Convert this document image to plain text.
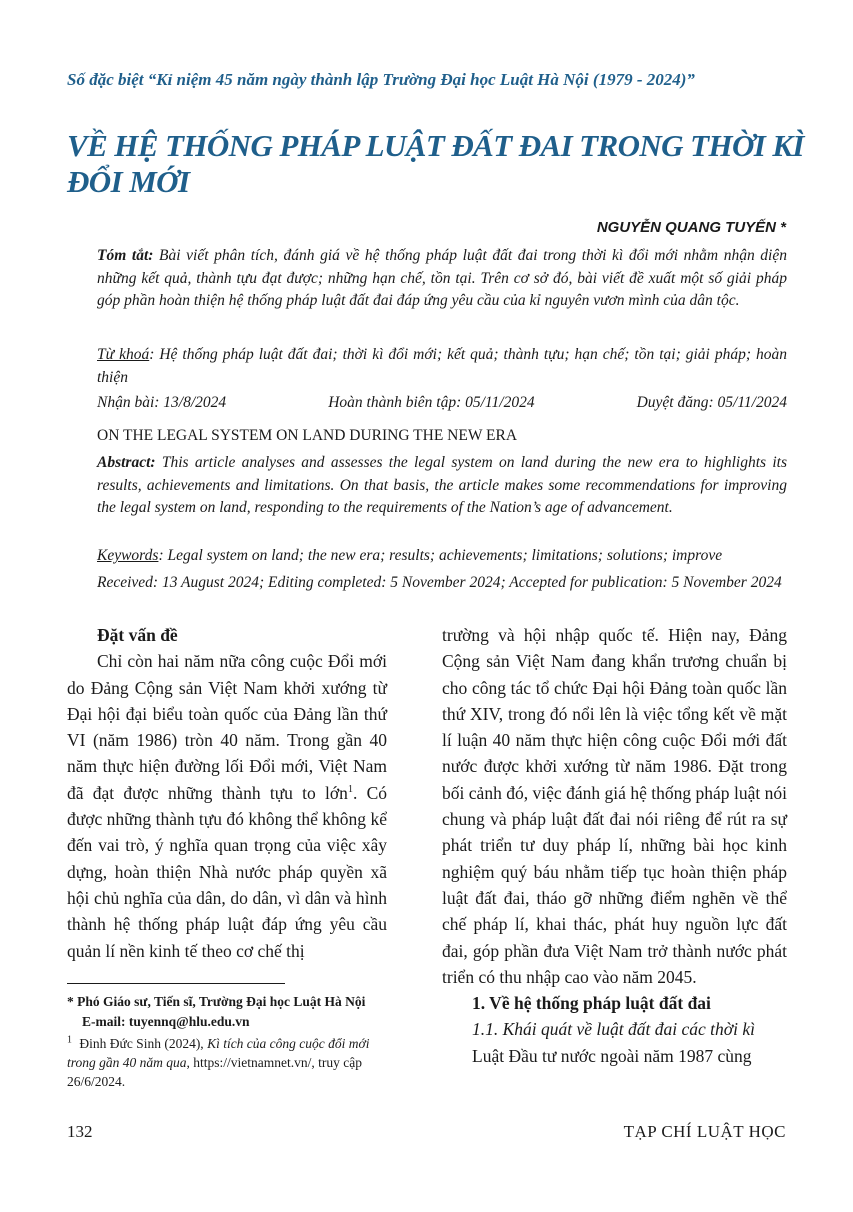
Số đặc biệt “Kỉ niệm 45 năm ngày thành lập Trường Đại học Luật Hà Nội (1979 - 2024)”
VỀ HỆ THỐNG PHÁP LUẬT ĐẤT ĐAI TRONG THỜI KÌ ĐỔI MỚI
NGUYỄN QUANG TUYẾN *
Tóm tắt: Bài viết phân tích, đánh giá về hệ thống pháp luật đất đai trong thời kì đổi mới nhằm nhận diện những kết quả, thành tựu đạt được; những hạn chế, tồn tại. Trên cơ sở đó, bài viết đề xuất một số giải pháp góp phần hoàn thiện hệ thống pháp luật đất đai đáp ứng yêu cầu của kỉ nguyên vươn mình của dân tộc.
Từ khoá: Hệ thống pháp luật đất đai; thời kì đổi mới; kết quả; thành tựu; hạn chế; tồn tại; giải pháp; hoàn thiện
Nhận bài: 13/8/2024	Hoàn thành biên tập: 05/11/2024	Duyệt đăng: 05/11/2024
ON THE LEGAL SYSTEM ON LAND DURING THE NEW ERA
Abstract: This article analyses and assesses the legal system on land during the new era to highlights its results, achievements and limitations. On that basis, the article makes some recommendations for improving the legal system on land, responding to the requirements of the Nation’s age of advancement.
Keywords: Legal system on land; the new era; results; achievements; limitations; solutions; improve
Received: 13 August 2024; Editing completed: 5 November 2024; Accepted for publication: 5 November 2024

Đặt vấn đề

Chỉ còn hai năm nữa công cuộc Đổi mới do Đảng Cộng sản Việt Nam khởi xướng từ Đại hội đại biểu toàn quốc của Đảng lần thứ VI (năm 1986) tròn 40 năm. Trong gần 40 năm thực hiện đường lối Đổi mới, Việt Nam đã đạt được những thành tựu to lớn$^1$. Có được những thành tựu đó không thể không kể đến vai trò, ý nghĩa quan trọng của việc xây dựng, hoàn thiện Nhà nước pháp quyền xã hội chủ nghĩa của dân, do dân, vì dân và hình thành hệ thống pháp luật đáp ứng yêu cầu quản lí nền kinh tế theo cơ chế thị

trường và hội nhập quốc tế. Hiện nay, Đảng Cộng sản Việt Nam đang khẩn trương chuẩn bị cho công tác tổ chức Đại hội Đảng toàn quốc lần thứ XIV, trong đó nổi lên là việc tổng kết về mặt lí luận 40 năm thực hiện công cuộc Đổi mới đất nước được khởi xướng từ năm 1986. Đặt trong bối cảnh đó, việc đánh giá hệ thống pháp luật nói chung và pháp luật đất đai nói riêng để rút ra sự phát triển tư duy pháp lí, những bài học kinh nghiệm quý báu nhằm tiếp tục hoàn thiện pháp luật đất đai, tháo gỡ những điểm nghẽn về thể chế pháp lí, khai thác, phát huy nguồn lực đất đai, góp phần đưa Việt Nam trở thành nước phát triển có thu nhập cao vào năm 2045.

1. Về hệ thống pháp luật đất đai

1.1. Khái quát về luật đất đai các thời kì

Luật Đầu tư nước ngoài năm 1987 cùng

* Phó Giáo sư, Tiến sĩ, Trường Đại học Luật Hà Nội
E-mail: tuyennq@hlu.edu.vn
$^1$ Đinh Đức Sinh (2024), Kì tích của công cuộc đổi mới trong gần 40 năm qua, https://vietnamnet.vn/, truy cập 26/6/2024.
132	TẠP CHÍ LUẬT HỌC
